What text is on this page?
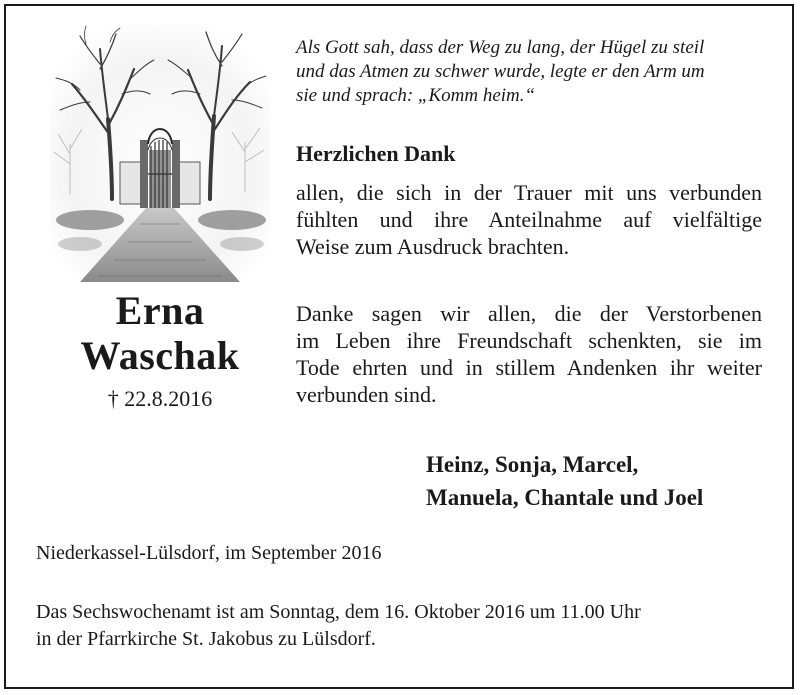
Erna
Waschak
† 22.8.2016
Als Gott sah, dass der Weg zu lang, der Hügel zu steil
und das Atmen zu schwer wurde, legte er den Arm um
sie und sprach: „Komm heim.“
Herzlichen Dank
allen, die sich in der Trauer mit uns verbunden
fühlten und ihre Anteilnahme auf vielfältige
Weise zum Ausdruck brachten.
Danke sagen wir allen, die der Verstorbenen
im Leben ihre Freundschaft schenkten, sie im
Tode ehrten und in stillem Andenken ihr weiter
verbunden sind.
Heinz, Sonja, Marcel,
Manuela, Chantale und Joel
Niederkassel-Lülsdorf, im September 2016
Das Sechswochenamt ist am Sonntag, dem 16. Oktober 2016 um 11.00 Uhr
in der Pfarrkirche St. Jakobus zu Lülsdorf.
